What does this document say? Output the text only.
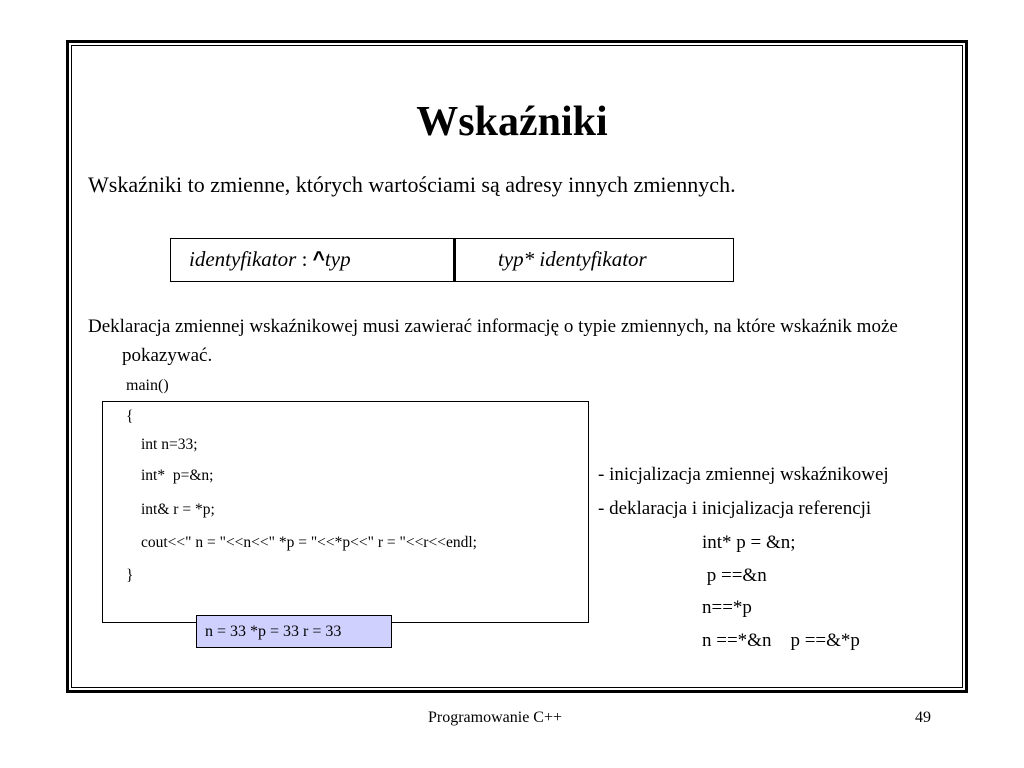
Wskaźniki
Wskaźniki to zmienne, których wartościami są adresy innych zmiennych.
identyfikator : ^typ	typ* identyfikator
Deklaracja zmiennej wskaźnikowej musi zawierać informację o typie zmiennych, na które wskaźnik może pokazywać.
main()
{
int n=33;
int*  p=&n;
int& r = *p;
cout<<" n = "<<n<<" *p = "<<*p<<" r = "<<r<<endl;
}
n = 33 *p = 33 r = 33
- inicjalizacja zmiennej wskaźnikowej
- deklaracja i inicjalizacja referencji
int* p = &n;
p ==&n
n==*p
n ==*&n    p ==&*p
Programowanie C++	49
